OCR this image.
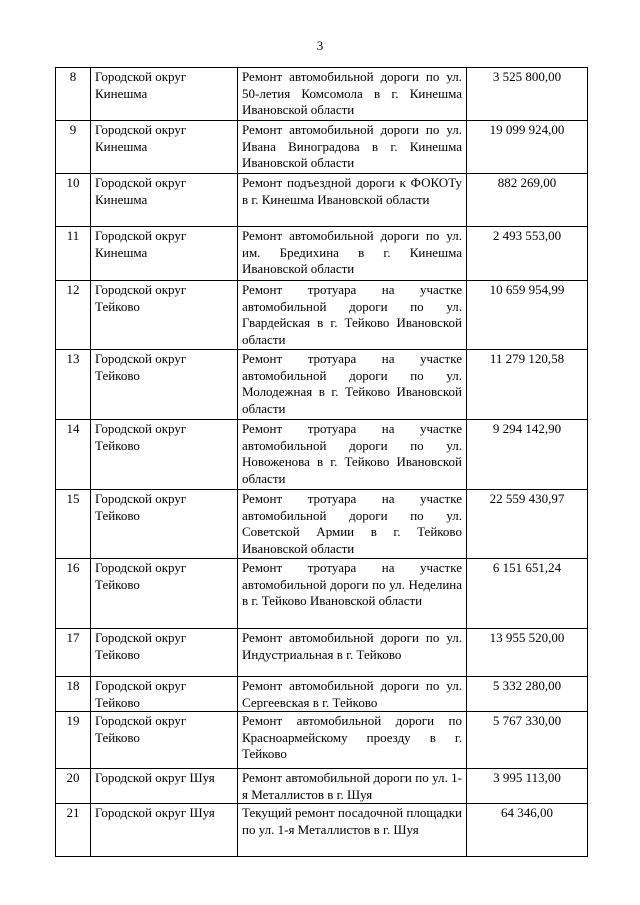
3
8	Городской округ Кинешма	Ремонт автомобильной дороги по ул. 50-летия Комсомола в г. Кинешма Ивановской области	3 525 800,00

9	Городской округ Кинешма	Ремонт автомобильной дороги по ул. Ивана Виноградова в г. Кинешма Ивановской области	19 099 924,00

10	Городской округ Кинешма	Ремонт подъездной дороги к ФОКОТу в г. Кинешма Ивановской области	882 269,00

11	Городской округ Кинешма	Ремонт автомобильной дороги по ул. им. Бредихина в г. Кинешма Ивановской области	2 493 553,00

12	Городской округ Тейково	Ремонт тротуара на участке автомобильной дороги по ул. Гвардейская в г. Тейково Ивановской области	10 659 954,99

13	Городской округ Тейково	Ремонт тротуара на участке автомобильной дороги по ул. Молодежная в г. Тейково Ивановской области	11 279 120,58

14	Городской округ Тейково	Ремонт тротуара на участке автомобильной дороги по ул. Новоженова в г. Тейково Ивановской области	9 294 142,90

15	Городской округ Тейково	Ремонт тротуара на участке автомобильной дороги по ул. Советской Армии в г. Тейково Ивановской области	22 559 430,97

16	Городской округ Тейково	Ремонт тротуара на участке автомобильной дороги по ул. Неделина в г. Тейково Ивановской области	6 151 651,24

17	Городской округ Тейково	Ремонт автомобильной дороги по ул. Индустриальная в г. Тейково	13 955 520,00

18	Городской округ Тейково	Ремонт автомобильной дороги по ул. Сергеевская в г. Тейково	5 332 280,00

19	Городской округ Тейково	Ремонт автомобильной дороги по Красноармейскому проезду в г. Тейково	5 767 330,00

20	Городской округ Шуя	Ремонт автомобильной дороги по ул. 1-я Металлистов в г. Шуя	3 995 113,00

21	Городской округ Шуя	Текущий ремонт посадочной площадки по ул. 1-я Металлистов в г. Шуя	64 346,00
